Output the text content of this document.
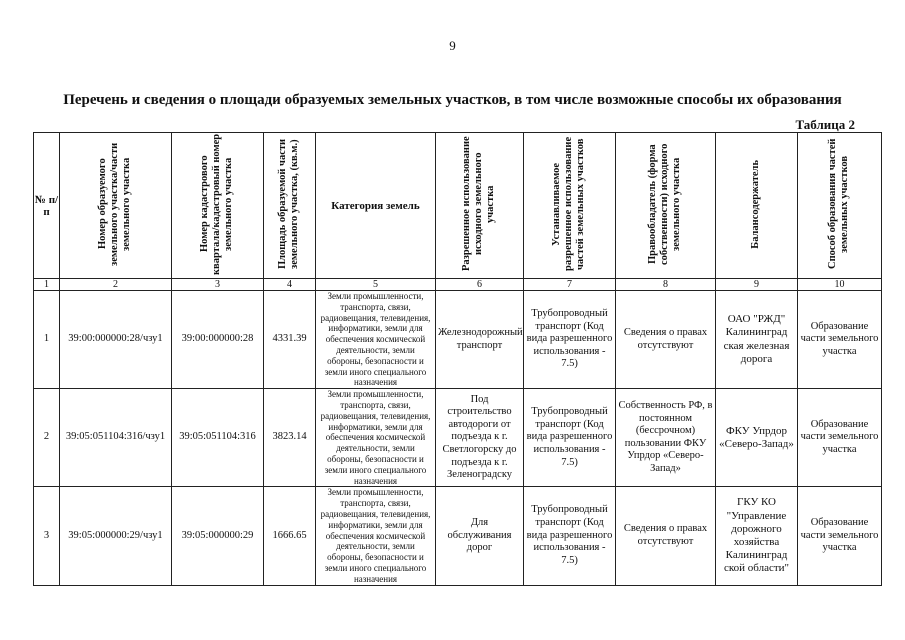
9
Перечень и сведения о площади образуемых земельных участков, в том числе возможные способы их образования
Таблица 2
№ п/п	Номер образуемого земельного участка/части земельного участка	Номер кадастрового квартала/кадастровый номер земельного участка	Площадь образуемой части земельного участка, (кв.м.)	Категория земель	Разрешенное использование исходного земельного участка	Устанавливаемое разрешенное использование частей земельных участков	Правообладатель (форма собственности) исходного земельного участка	Балансодержатель	Способ образования частей земельных участков
1	2	3	4	5	6	7	8	9	10
1	39:00:000000:28/чзу1	39:00:000000:28	4331.39	Земли промышленности, транспорта, связи, радиовещания, телевидения, информатики, земли для обеспечения космической деятельности, земли обороны, безопасности и земли иного специального назначения	Железнодорожный транспорт	Трубопроводный транспорт (Код вида разрешенного использования - 7.5)	Сведения о правах отсутствуют	ОАО "РЖД" Калининград ская железная дорога	Образование части земельного участка
2	39:05:051104:316/чзу1	39:05:051104:316	3823.14	Земли промышленности, транспорта, связи, радиовещания, телевидения, информатики, земли для обеспечения космической деятельности, земли обороны, безопасности и земли иного специального назначения	Под строительство автодороги от подъезда к г. Светлогорску до подъезда к г. Зеленоградску	Трубопроводный транспорт (Код вида разрешенного использования - 7.5)	Собственность РФ, в постоянном (бессрочном) пользовании ФКУ Упрдор «Северо-Запад»	ФКУ Упрдор «Северо-Запад»	Образование части земельного участка
3	39:05:000000:29/чзу1	39:05:000000:29	1666.65	Земли промышленности, транспорта, связи, радиовещания, телевидения, информатики, земли для обеспечения космической деятельности, земли обороны, безопасности и земли иного специального назначения	Для обслуживания дорог	Трубопроводный транспорт (Код вида разрешенного использования - 7.5)	Сведения о правах отсутствуют	ГКУ КО "Управление дорожного хозяйства Калининград ской области"	Образование части земельного участка
